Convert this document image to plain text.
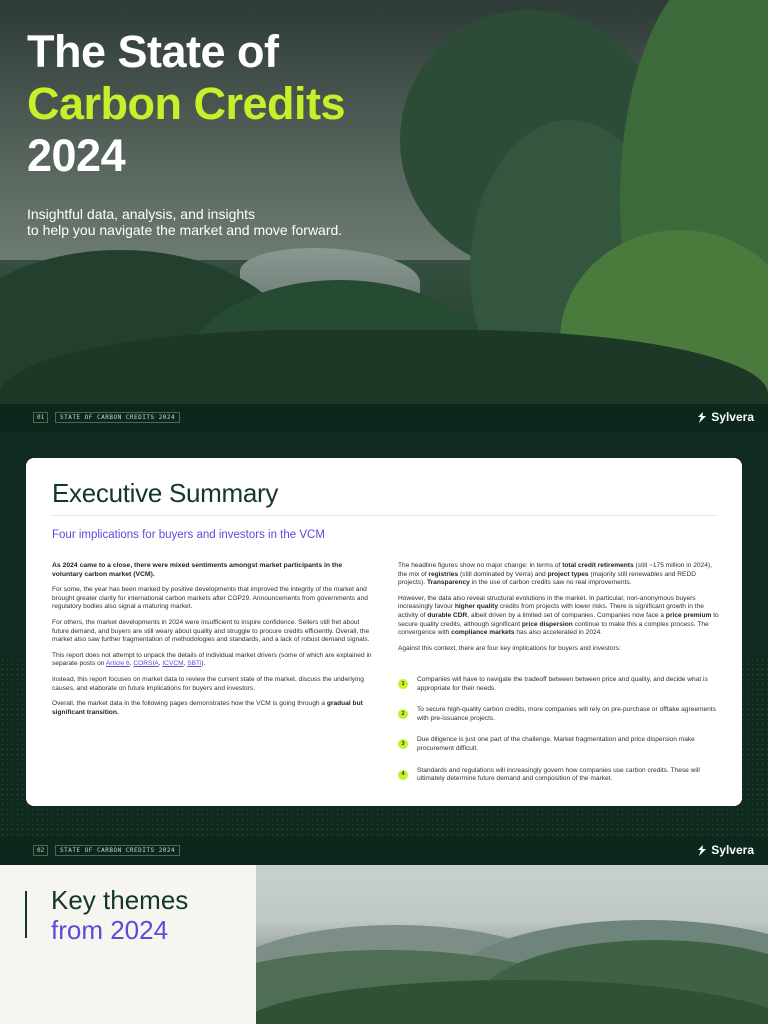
The State of
Carbon Credits
2024

Insightful data, analysis, and insights
to help you navigate the market and move forward.

01	STATE OF CARBON CREDITS 2024	Sylvera
Executive Summary

Four implications for buyers and investors in the VCM

As 2024 came to a close, there were mixed sentiments amongst market participants in the voluntary carbon market (VCM).

For some, the year has been marked by positive developments that improved the integrity of the market and brought greater clarity for international carbon markets after COP29. Announcements from governments and regulatory bodies also signal a maturing market.

For others, the market developments in 2024 were insufficient to inspire confidence. Sellers still fret about future demand, and buyers are still weary about quality and struggle to procure credits efficiently. Overall, the market also saw further fragmentation of methodologies and standards, and a lack of robust demand signals.

This report does not attempt to unpack the details of individual market drivers (some of which are explained in separate posts on Article 6, CORSIA, ICVCM, SBTi).

Instead, this report focuses on market data to review the current state of the market, discuss the underlying causes, and elaborate on future implications for buyers and investors.

Overall, the market data in the following pages demonstrates how the VCM is going through a gradual but significant transition.

The headline figures show no major change: in terms of total credit retirements (still ~175 million in 2024), the mix of registries (still dominated by Verra) and project types (majority still renewables and REDD projects). Transparency in the use of carbon credits saw no real improvements.

However, the data also reveal structural evolutions in the market. In particular, non-anonymous buyers increasingly favour higher quality credits from projects with lower risks. There is significant growth in the activity of durable CDR, albeit driven by a limited set of companies. Companies now face a price premium to secure quality credits, although significant price dispersion continue to make this a complex process. The convergence with compliance markets has also accelerated in 2024.

Against this context, there are four key implications for buyers and investors:

1
Companies will have to navigate the tradeoff between between price and quality, and decide what is appropriate for their needs.
2
To secure high-quality carbon credits, more companies will rely on pre-purchase or offtake agreements with pre-issuance projects.
3
Due diligence is just one part of the challenge. Market fragmentation and price dispersion make procurement difficult.
4
Standards and regulations will increasingly govern how companies use carbon credits. These will ultimately determine future demand and composition of the market.
02	STATE OF CARBON CREDITS 2024	Sylvera
Key themes
from 2024
